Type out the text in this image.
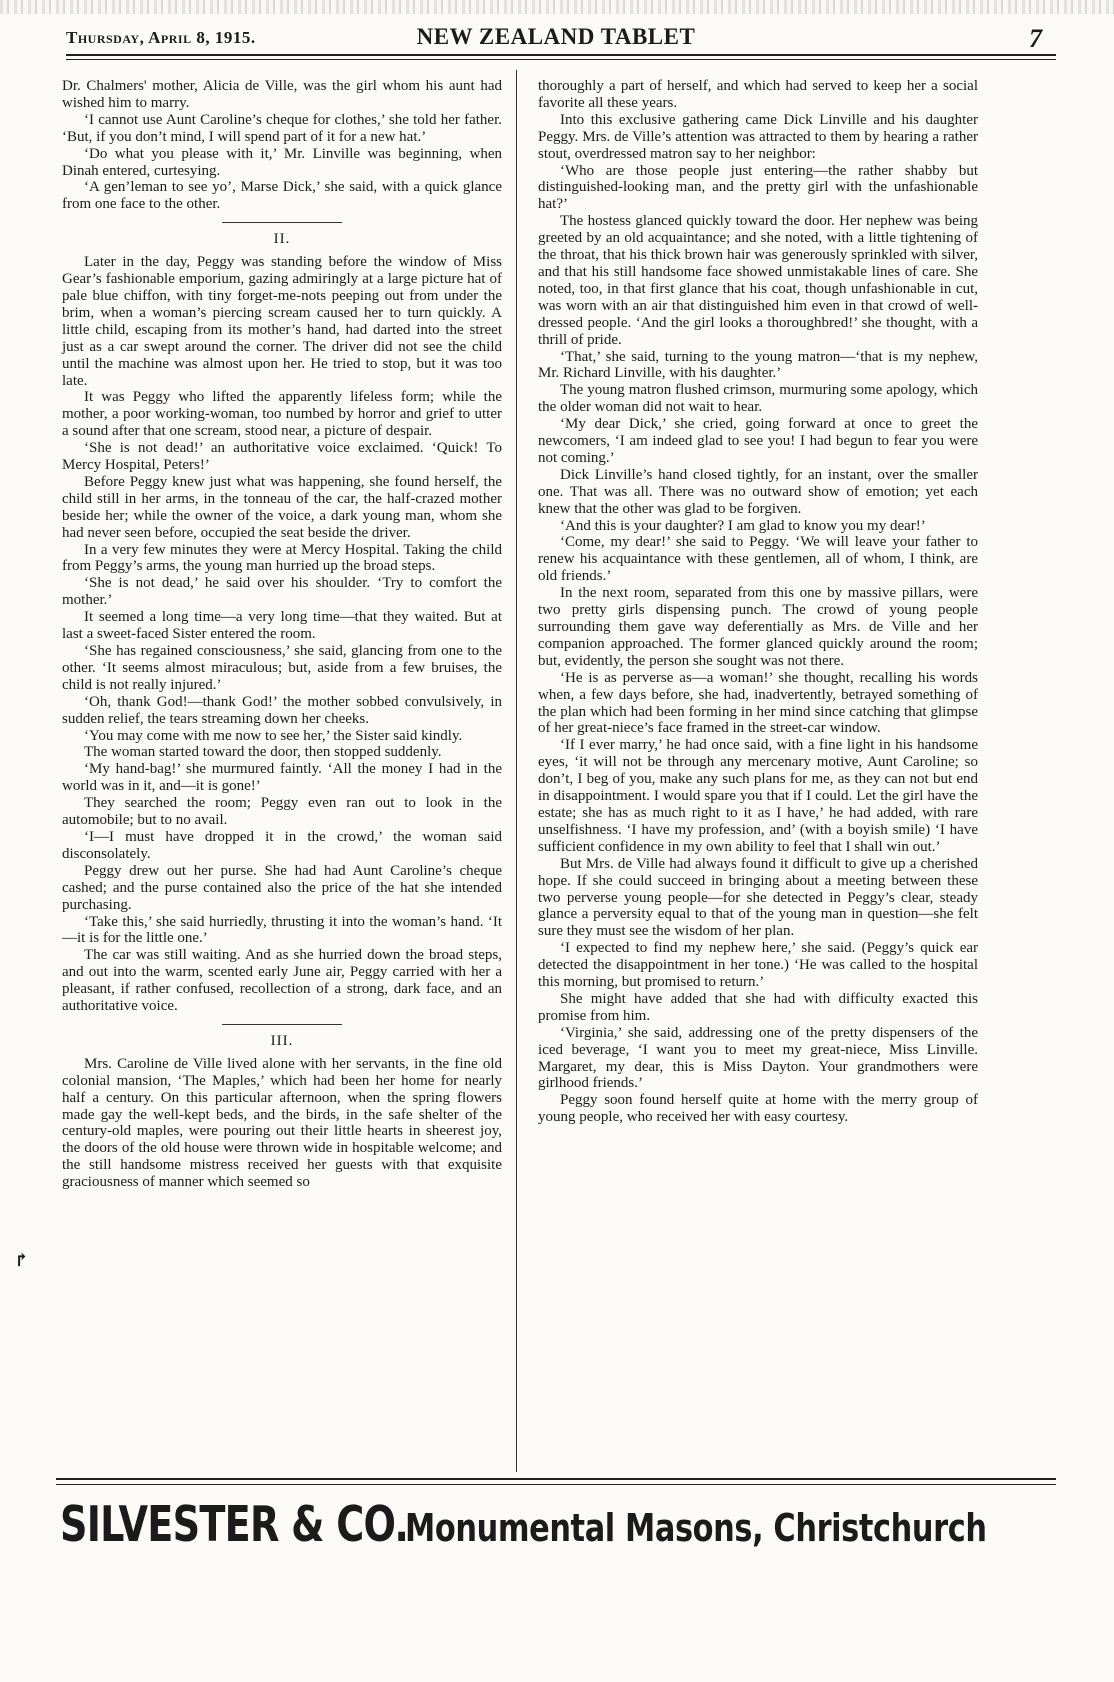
Thursday, April 8, 1915.	NEW ZEALAND TABLET	7

Dr. Chalmers' mother, Alicia de Ville, was the girl whom his aunt had wished him to marry.

‘I cannot use Aunt Caroline’s cheque for clothes,’ she told her father. ‘But, if you don’t mind, I will spend part of it for a new hat.’

‘Do what you please with it,’ Mr. Linville was beginning, when Dinah entered, curtesying.

‘A gen’leman to see yo’, Marse Dick,’ she said, with a quick glance from one face to the other.

II.

Later in the day, Peggy was standing before the window of Miss Gear’s fashionable emporium, gazing admiringly at a large picture hat of pale blue chiffon, with tiny forget-me-nots peeping out from under the brim, when a woman’s piercing scream caused her to turn quickly. A little child, escaping from its mother’s hand, had darted into the street just as a car swept around the corner. The driver did not see the child until the machine was almost upon her. He tried to stop, but it was too late.

It was Peggy who lifted the apparently lifeless form; while the mother, a poor working-woman, too numbed by horror and grief to utter a sound after that one scream, stood near, a picture of despair.

‘She is not dead!’ an authoritative voice exclaimed. ‘Quick! To Mercy Hospital, Peters!’

Before Peggy knew just what was happening, she found herself, the child still in her arms, in the tonneau of the car, the half-crazed mother beside her; while the owner of the voice, a dark young man, whom she had never seen before, occupied the seat beside the driver.

In a very few minutes they were at Mercy Hospital. Taking the child from Peggy’s arms, the young man hurried up the broad steps.

‘She is not dead,’ he said over his shoulder. ‘Try to comfort the mother.’

It seemed a long time—a very long time—that they waited. But at last a sweet-faced Sister entered the room.

‘She has regained consciousness,’ she said, glancing from one to the other. ‘It seems almost miraculous; but, aside from a few bruises, the child is not really injured.’

‘Oh, thank God!—thank God!’ the mother sobbed convulsively, in sudden relief, the tears streaming down her cheeks.

‘You may come with me now to see her,’ the Sister said kindly.

The woman started toward the door, then stopped suddenly.

‘My hand-bag!’ she murmured faintly. ‘All the money I had in the world was in it, and—it is gone!’

They searched the room; Peggy even ran out to look in the automobile; but to no avail.

‘I—I must have dropped it in the crowd,’ the woman said disconsolately.

Peggy drew out her purse. She had had Aunt Caroline’s cheque cashed; and the purse contained also the price of the hat she intended purchasing.

‘Take this,’ she said hurriedly, thrusting it into the woman’s hand. ‘It—it is for the little one.’

The car was still waiting. And as she hurried down the broad steps, and out into the warm, scented early June air, Peggy carried with her a pleasant, if rather confused, recollection of a strong, dark face, and an authoritative voice.

III.

Mrs. Caroline de Ville lived alone with her servants, in the fine old colonial mansion, ‘The Maples,’ which had been her home for nearly half a century. On this particular afternoon, when the spring flowers made gay the well-kept beds, and the birds, in the safe shelter of the century-old maples, were pouring out their little hearts in sheerest joy, the doors of the old house were thrown wide in hospitable welcome; and the still handsome mistress received her guests with that exquisite graciousness of manner which seemed so

thoroughly a part of herself, and which had served to keep her a social favorite all these years.

Into this exclusive gathering came Dick Linville and his daughter Peggy. Mrs. de Ville’s attention was attracted to them by hearing a rather stout, overdressed matron say to her neighbor:

‘Who are those people just entering—the rather shabby but distinguished-looking man, and the pretty girl with the unfashionable hat?’

The hostess glanced quickly toward the door. Her nephew was being greeted by an old acquaintance; and she noted, with a little tightening of the throat, that his thick brown hair was generously sprinkled with silver, and that his still handsome face showed unmistakable lines of care. She noted, too, in that first glance that his coat, though unfashionable in cut, was worn with an air that distinguished him even in that crowd of well-dressed people. ‘And the girl looks a thoroughbred!’ she thought, with a thrill of pride.

‘That,’ she said, turning to the young matron—‘that is my nephew, Mr. Richard Linville, with his daughter.’

The young matron flushed crimson, murmuring some apology, which the older woman did not wait to hear.

‘My dear Dick,’ she cried, going forward at once to greet the newcomers, ‘I am indeed glad to see you! I had begun to fear you were not coming.’

Dick Linville’s hand closed tightly, for an instant, over the smaller one. That was all. There was no outward show of emotion; yet each knew that the other was glad to be forgiven.

‘And this is your daughter? I am glad to know you my dear!’

‘Come, my dear!’ she said to Peggy. ‘We will leave your father to renew his acquaintance with these gentlemen, all of whom, I think, are old friends.’

In the next room, separated from this one by massive pillars, were two pretty girls dispensing punch. The crowd of young people surrounding them gave way deferentially as Mrs. de Ville and her companion approached. The former glanced quickly around the room; but, evidently, the person she sought was not there.

‘He is as perverse as—a woman!’ she thought, recalling his words when, a few days before, she had, inadvertently, betrayed something of the plan which had been forming in her mind since catching that glimpse of her great-niece’s face framed in the street-car window.

‘If I ever marry,’ he had once said, with a fine light in his handsome eyes, ‘it will not be through any mercenary motive, Aunt Caroline; so don’t, I beg of you, make any such plans for me, as they can not but end in disappointment. I would spare you that if I could. Let the girl have the estate; she has as much right to it as I have,’ he had added, with rare unselfishness. ‘I have my profession, and’ (with a boyish smile) ‘I have sufficient confidence in my own ability to feel that I shall win out.’

But Mrs. de Ville had always found it difficult to give up a cherished hope. If she could succeed in bringing about a meeting between these two perverse young people—for she detected in Peggy’s clear, steady glance a perversity equal to that of the young man in question—she felt sure they must see the wisdom of her plan.

‘I expected to find my nephew here,’ she said. (Peggy’s quick ear detected the disappointment in her tone.) ‘He was called to the hospital this morning, but promised to return.’

She might have added that she had with difficulty exacted this promise from him.

‘Virginia,’ she said, addressing one of the pretty dispensers of the iced beverage, ‘I want you to meet my great-niece, Miss Linville. Margaret, my dear, this is Miss Dayton. Your grandmothers were girlhood friends.’

Peggy soon found herself quite at home with the merry group of young people, who received her with easy courtesy.

SILVESTER & CO.
Monumental Masons, Christchurch
↱
